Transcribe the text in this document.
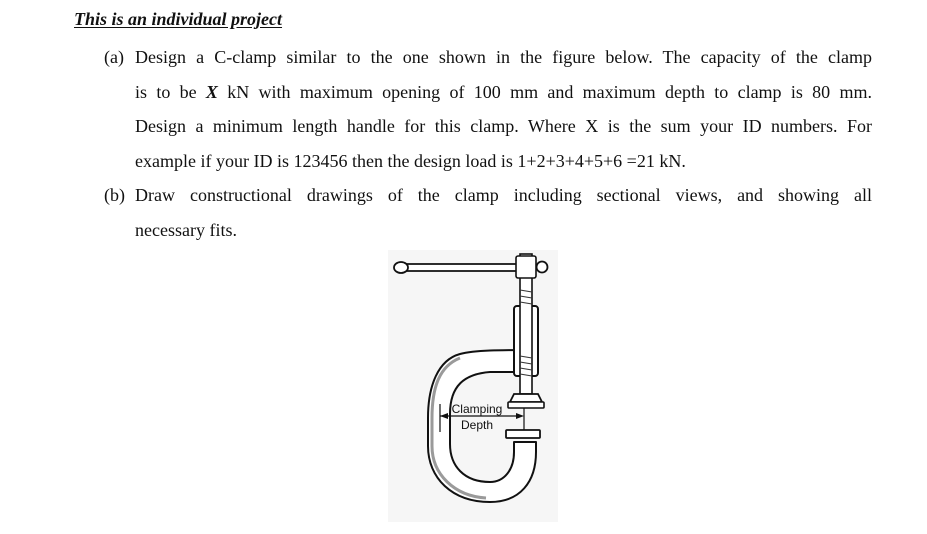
This is an individual project
(a) Design a C-clamp similar to the one shown in the figure below. The capacity of the clamp
is to be X kN with maximum opening of 100 mm and maximum depth to clamp is 80 mm.
Design a minimum length handle for this clamp. Where X is the sum your ID numbers. For
example if your ID is 123456 then the design load is 1+2+3+4+5+6 =21 kN.
(b) Draw constructional drawings of the clamp including sectional views, and showing all
necessary fits.
Clamping
Depth
